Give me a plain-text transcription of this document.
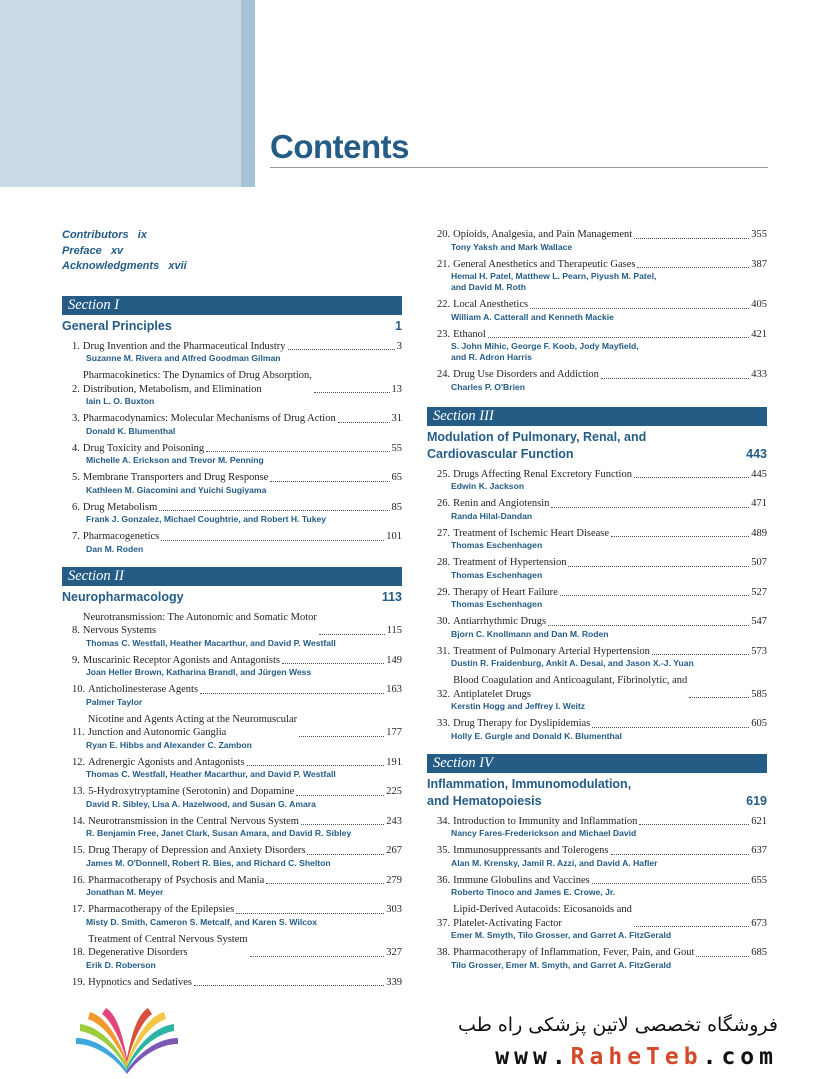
Contents
Contributors ix
Preface xv
Acknowledgments xvii
Section I
General Principles	1
1. Drug Invention and the Pharmaceutical Industry	3
Suzanne M. Rivera and Alfred Goodman Gilman
2.
Pharmacokinetics: The Dynamics of Drug Absorption,
Distribution, Metabolism, and Elimination	13
Iain L. O. Buxton
3. Pharmacodynamics: Molecular Mechanisms of Drug Action	31
Donald K. Blumenthal
4. Drug Toxicity and Poisoning	55
Michelle A. Erickson and Trevor M. Penning
5. Membrane Transporters and Drug Response	65
Kathleen M. Giacomini and Yuichi Sugiyama
6. Drug Metabolism	85
Frank J. Gonzalez, Michael Coughtrie, and Robert H. Tukey
7. Pharmacogenetics	101
Dan M. Roden
Section II
Neuropharmacology	113
8.
Neurotransmission: The Autonomic and Somatic Motor
Nervous Systems	115
Thomas C. Westfall, Heather Macarthur, and David P. Westfall
9. Muscarinic Receptor Agonists and Antagonists	149
Joan Heller Brown, Katharina Brandl, and Jürgen Wess
10. Anticholinesterase Agents	163
Palmer Taylor
11.
Nicotine and Agents Acting at the Neuromuscular
Junction and Autonomic Ganglia	177
Ryan E. Hibbs and Alexander C. Zambon
12. Adrenergic Agonists and Antagonists	191
Thomas C. Westfall, Heather Macarthur, and David P. Westfall
13. 5-Hydroxytryptamine (Serotonin) and Dopamine	225
David R. Sibley, Lisa A. Hazelwood, and Susan G. Amara
14. Neurotransmission in the Central Nervous System	243
R. Benjamin Free, Janet Clark, Susan Amara, and David R. Sibley
15. Drug Therapy of Depression and Anxiety Disorders	267
James M. O'Donnell, Robert R. Bies, and Richard C. Shelton
16. Pharmacotherapy of Psychosis and Mania	279
Jonathan M. Meyer
17. Pharmacotherapy of the Epilepsies	303
Misty D. Smith, Cameron S. Metcalf, and Karen S. Wilcox
18.
Treatment of Central Nervous System
Degenerative Disorders	327
Erik D. Roberson
19. Hypnotics and Sedatives	339
20. Opioids, Analgesia, and Pain Management	355
Tony Yaksh and Mark Wallace
21. General Anesthetics and Therapeutic Gases	387
Hemal H. Patel, Matthew L. Pearn, Piyush M. Patel,
and David M. Roth
22. Local Anesthetics	405
William A. Catterall and Kenneth Mackie
23. Ethanol	421
S. John Mihic, George F. Koob, Jody Mayfield,
and R. Adron Harris
24. Drug Use Disorders and Addiction	433
Charles P. O'Brien
Section III
Modulation of Pulmonary, Renal, and
Cardiovascular Function	443
25. Drugs Affecting Renal Excretory Function	445
Edwin K. Jackson
26. Renin and Angiotensin	471
Randa Hilal-Dandan
27. Treatment of Ischemic Heart Disease	489
Thomas Eschenhagen
28. Treatment of Hypertension	507
Thomas Eschenhagen
29. Therapy of Heart Failure	527
Thomas Eschenhagen
30. Antiarrhythmic Drugs	547
Bjorn C. Knollmann and Dan M. Roden
31. Treatment of Pulmonary Arterial Hypertension	573
Dustin R. Fraidenburg, Ankit A. Desai, and Jason X.-J. Yuan
32.
Blood Coagulation and Anticoagulant, Fibrinolytic, and
Antiplatelet Drugs	585
Kerstin Hogg and Jeffrey I. Weitz
33. Drug Therapy for Dyslipidemias	605
Holly E. Gurgle and Donald K. Blumenthal
Section IV
Inflammation, Immunomodulation,
and Hematopoiesis	619
34. Introduction to Immunity and Inflammation	621
Nancy Fares-Frederickson and Michael David
35. Immunosuppressants and Tolerogens	637
Alan M. Krensky, Jamil R. Azzi, and David A. Hafler
36. Immune Globulins and Vaccines	655
Roberto Tinoco and James E. Crowe, Jr.
37.
Lipid-Derived Autacoids: Eicosanoids and
Platelet-Activating Factor	673
Emer M. Smyth, Tilo Grosser, and Garret A. FitzGerald
38. Pharmacotherapy of Inflammation, Fever, Pain, and Gout	685
Tilo Grosser, Emer M. Smyth, and Garret A. FitzGerald
فروشگاه تخصصی لاتین پزشکی راه طب
www.RaheTeb.com
